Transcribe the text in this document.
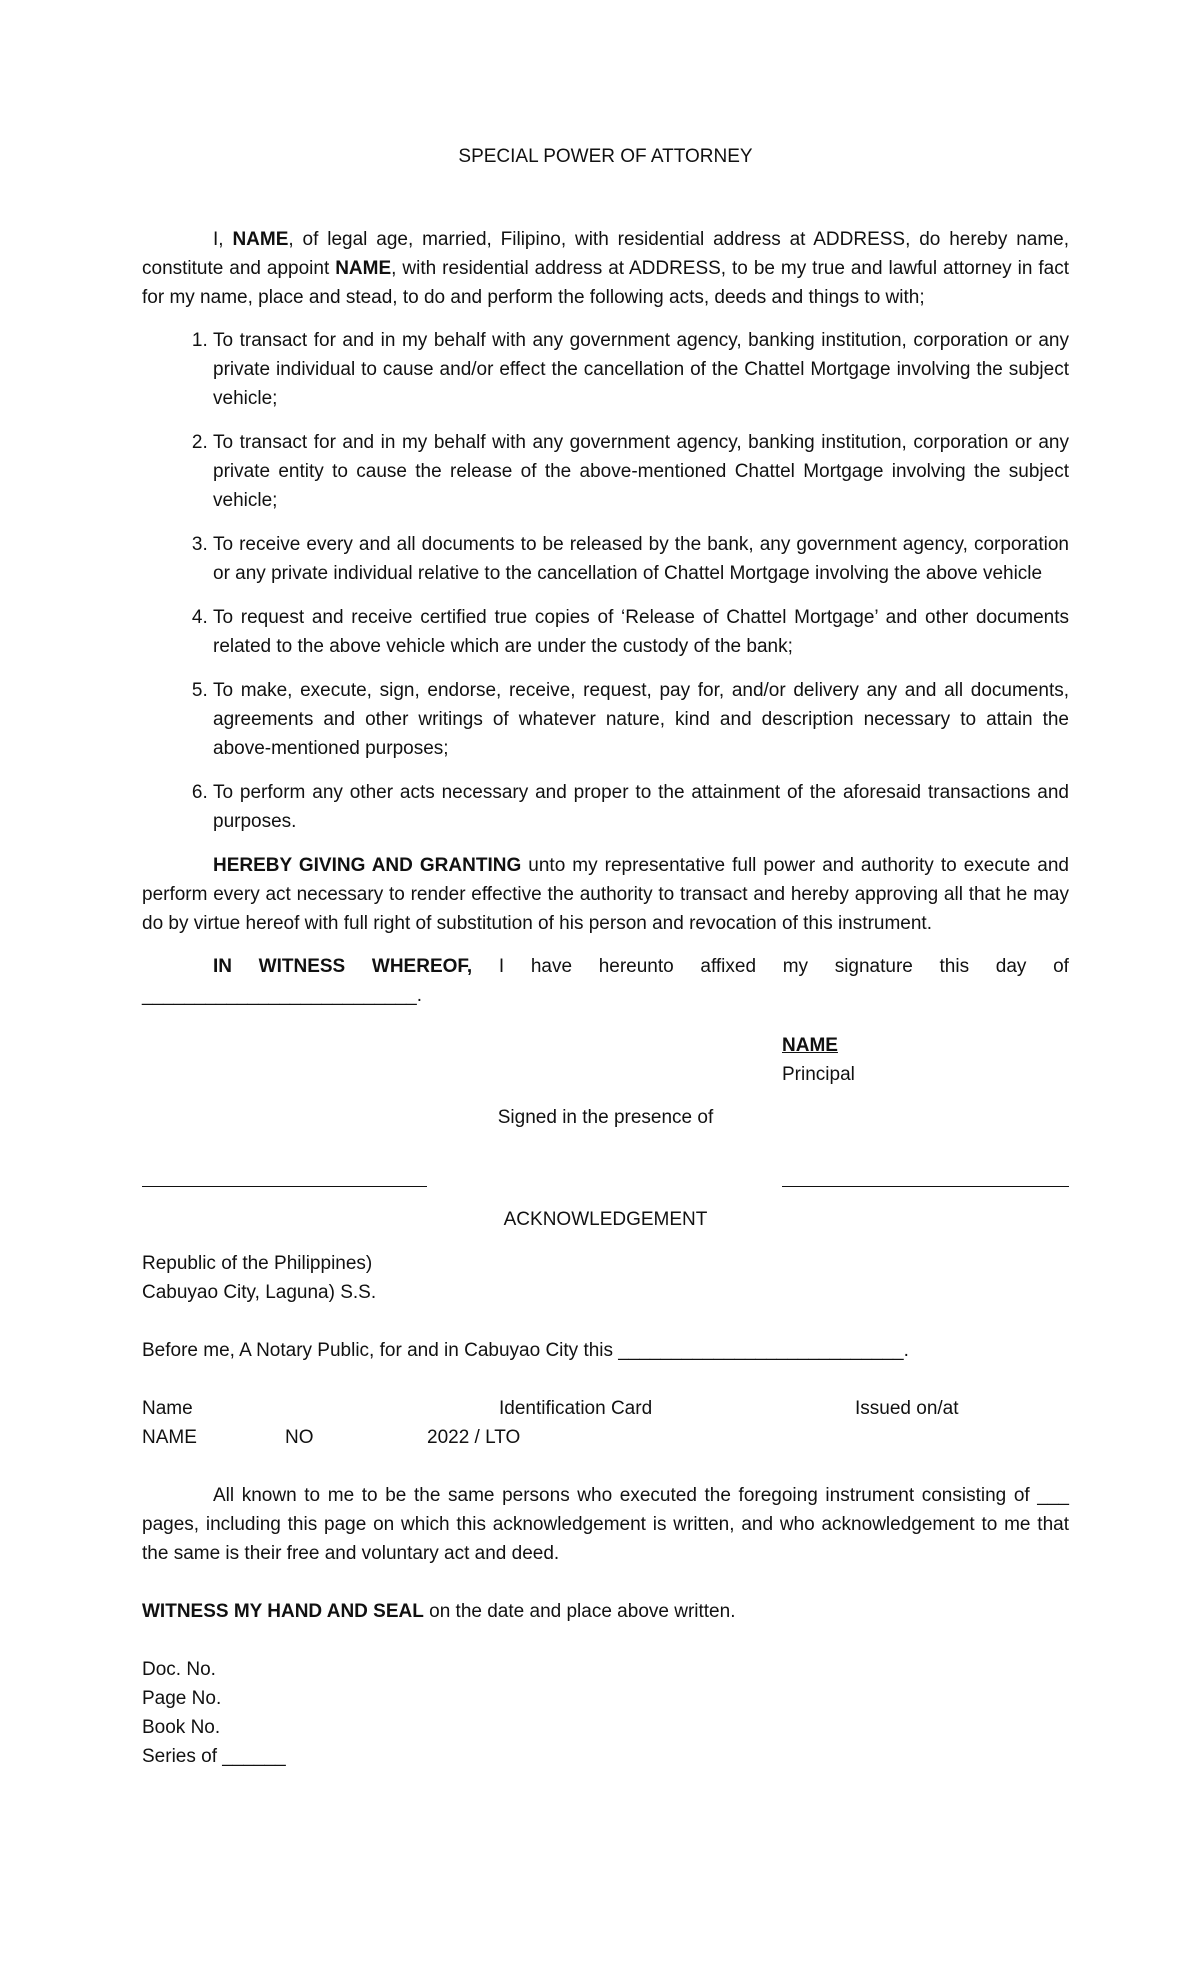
SPECIAL POWER OF ATTORNEY

I, NAME, of legal age, married, Filipino, with residential address at ADDRESS, do hereby name, constitute and appoint NAME, with residential address at ADDRESS, to be my true and lawful attorney in fact for my name, place and stead, to do and perform the following acts, deeds and things to with;

1. To transact for and in my behalf with any government agency, banking institution, corporation or any private individual to cause and/or effect the cancellation of the Chattel Mortgage involving the subject vehicle;
2. To transact for and in my behalf with any government agency, banking institution, corporation or any private entity to cause the release of the above-mentioned Chattel Mortgage involving the subject vehicle;
3. To receive every and all documents to be released by the bank, any government agency, corporation or any private individual relative to the cancellation of Chattel Mortgage involving the above vehicle
4. To request and receive certified true copies of ‘Release of Chattel Mortgage’ and other documents related to the above vehicle which are under the custody of the bank;
5. To make, execute, sign, endorse, receive, request, pay for, and/or delivery any and all documents, agreements and other writings of whatever nature, kind and description necessary to attain the above-mentioned purposes;
6. To perform any other acts necessary and proper to the attainment of the aforesaid transactions and purposes.

HEREBY GIVING AND GRANTING unto my representative full power and authority to execute and perform every act necessary to render effective the authority to transact and hereby approving all that he may do by virtue hereof with full right of substitution of his person and revocation of this instrument.

IN WITNESS WHEREOF, I have hereunto affixed my signature this day of

__________________________.

NAME

Principal

Signed in the presence of

ACKNOWLEDGEMENT

Republic of the Philippines)

Cabuyao City, Laguna) S.S.

Before me, A Notary Public, for and in Cabuyao City this ___________________________.

Name	Identification Card	Issued on/at
NAME	NO	2022 / LTO

All known to me to be the same persons who executed the foregoing instrument consisting of ___ pages, including this page on which this acknowledgement is written, and who acknowledgement to me that the same is their free and voluntary act and deed.

WITNESS MY HAND AND SEAL on the date and place above written.

Doc. No.

Page No.

Book No.

Series of ______
